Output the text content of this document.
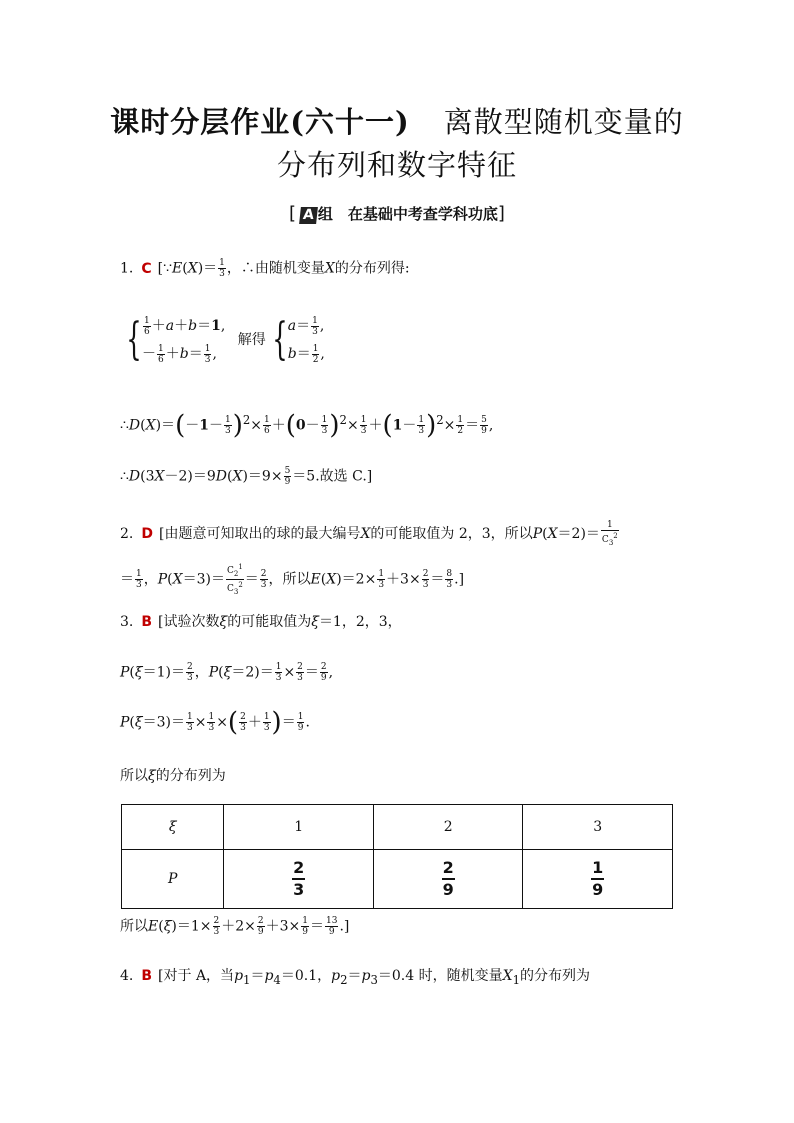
课时分层作业(六十一) 离散型随机变量的
分布列和数字特征
[ A 组　在基础中考查学科功底]
1. C [∵E(X)＝ $\frac{1}{3}$ ，∴由随机变量X的分布列得:
{ $\frac{1}{6} +a+b=1$,
－ $\frac{1}{6} +b= \frac{1}{3}$ ,
解得 { $a= \frac{1}{3}$ ,
$b= \frac{1}{2}$ ,
∴D(X)＝(－1－ $\frac{1}{3} )^2\times \frac{1}{6} +(0- \frac{1}{3} )^2\times \frac{1}{3} +(1- \frac{1}{3} )^2\times \frac{1}{2} = \frac{5}{9}$ ,
∴D(3X－2)＝9D(X)＝9× $\frac{5}{9} =5$.故选 C.]
2. D [由题意可知取出的球的最大编号X的可能取值为 2，3，所以$P(X=2)= \frac{1}{C_3^2}$
＝ $\frac{1}{3}$ ，$P(X=3)= \frac{C_2^1}{C_3^2} = \frac{2}{3}$ ，所以$E(X)=2\times \frac{1}{3} +3\times \frac{2}{3} = \frac{8}{3}$ .]
3. B [试验次数ξ的可能取值为ξ＝1，2，3，
$P(\xi=1)= \frac{2}{3}$ ，$P(\xi=2)= \frac{1}{3} \times \frac{2}{3} = \frac{2}{9}$ ,
$P(\xi=3)= \frac{1}{3} \times \frac{1}{3}$ ×( $\frac{2}{3} + \frac{1}{3}$ )＝ $\frac{1}{9}$ .
所以ξ的分布列为
ξ	1	2	3
P	$\frac{2}{3}$	$\frac{2}{9}$	$\frac{1}{9}$
所以$E(\xi)=1\times \frac{2}{3} +2\times \frac{2}{9} +3\times \frac{1}{9} = \frac{13}{9}$ .]
4. B [对于 A，当$p_1=p_4=0.1$，$p_2=p_3=0.4$ 时，随机变量$X_1$的分布列为
